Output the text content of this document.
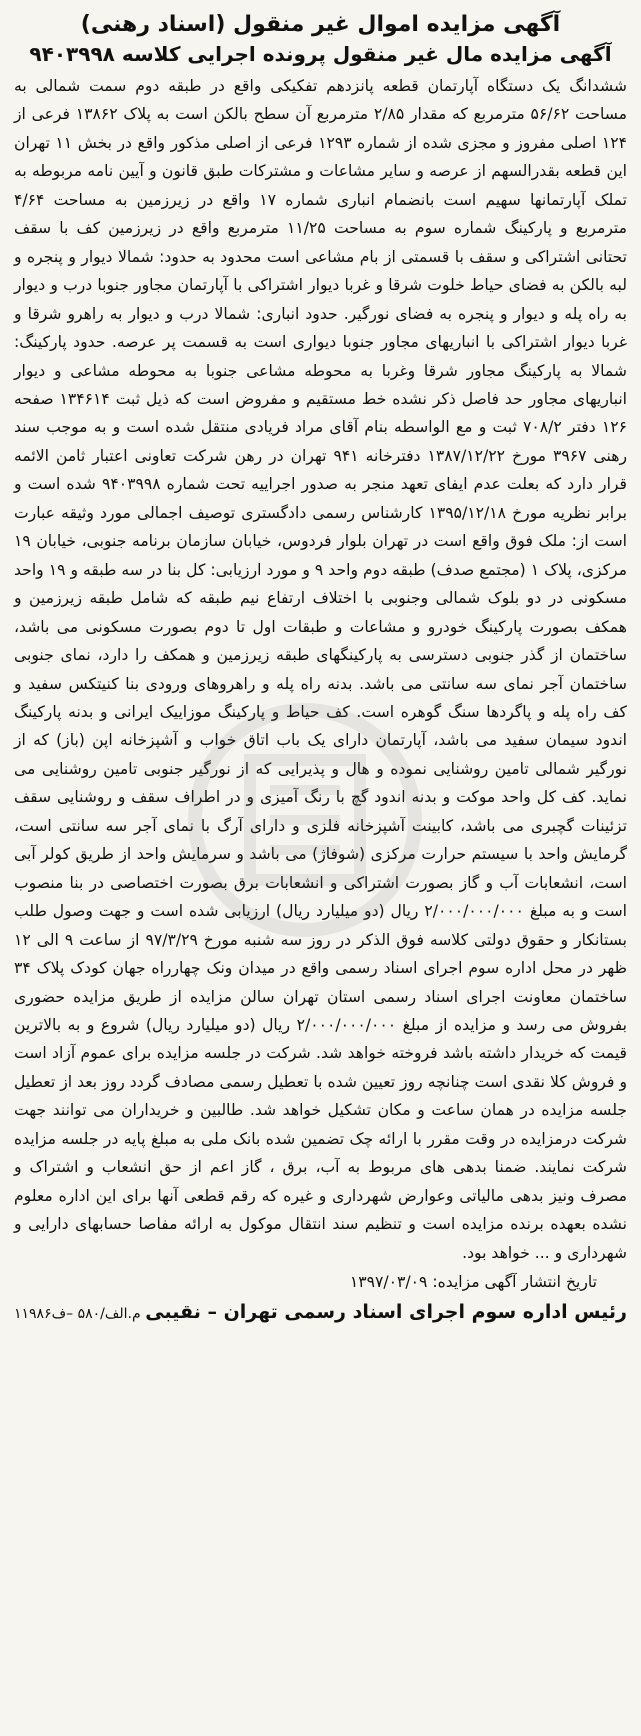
آگهی مزایده اموال غیر منقول (اسناد رهنی)
آگهی مزایده مال غیر منقول پرونده اجرایی کلاسه ۹۴۰۳۹۹۸

ششدانگ یک دستگاه آپارتمان قطعه پانزدهم تفکیکی واقع در طبقه دوم سمت شمالی به مساحت ۵۶/۶۲ مترمربع که مقدار ۲/۸۵ مترمربع آن سطح بالکن است به پلاک ۱۳۸۶۲ فرعی از ۱۲۴ اصلی مفروز و مجزی شده از شماره ۱۲۹۳ فرعی از اصلی مذکور واقع در بخش ۱۱ تهران این قطعه بقدرالسهم از عرصه و سایر مشاعات و مشترکات طبق قانون و آیین نامه مربوطه به تملک آپارتمانها سهیم است بانضمام انباری شماره ۱۷ واقع در زیرزمین به مساحت ۴/۶۴ مترمربع و پارکینگ شماره سوم به مساحت ۱۱/۲۵ مترمربع واقع در زیرزمین کف با سقف تحتانی اشتراکی و سقف با قسمتی از بام مشاعی است محدود به حدود: شمالا دیوار و پنجره و لبه بالکن به فضای حیاط خلوت شرقا و غربا دیوار اشتراکی با آپارتمان مجاور جنوبا درب و دیوار به راه پله و دیوار و پنجره به فضای نورگیر. حدود انباری: شمالا درب و دیوار به راهرو شرقا و غربا دیوار اشتراکی با انباریهای مجاور جنوبا دیواری است به قسمت پر عرصه. حدود پارکینگ: شمالا به پارکینگ مجاور شرقا وغربا به محوطه مشاعی جنوبا به محوطه مشاعی و دیوار انباریهای مجاور حد فاصل ذکر نشده خط مستقیم و مفروض است که ذیل ثبت ۱۳۴۶۱۴ صفحه ۱۲۶ دفتر ۷۰۸/۲ ثبت و مع الواسطه بنام آقای مراد فریادی منتقل شده است و به موجب سند رهنی ۳۹۶۷ مورخ ۱۳۸۷/۱۲/۲۲ دفترخانه ۹۴۱ تهران در رهن شرکت تعاونی اعتبار ثامن الائمه قرار دارد که بعلت عدم ایفای تعهد منجر به صدور اجراییه تحت شماره ۹۴۰۳۹۹۸ شده است و برابر نظریه مورخ ۱۳۹۵/۱۲/۱۸ کارشناس رسمی دادگستری توصیف اجمالی مورد وثیقه عبارت است از: ملک فوق واقع است در تهران بلوار فردوس، خیابان سازمان برنامه جنوبی، خیابان ۱۹ مرکزی، پلاک ۱ (مجتمع صدف) طبقه دوم واحد ۹ و مورد ارزیابی: کل بنا در سه طبقه و ۱۹ واحد مسکونی در دو بلوک شمالی وجنوبی با اختلاف ارتفاع نیم طبقه که شامل طبقه زیرزمین و همکف بصورت پارکینگ خودرو و مشاعات و طبقات اول تا دوم بصورت مسکونی می باشد، ساختمان از گذر جنوبی دسترسی به پارکینگهای طبقه زیرزمین و همکف را دارد، نمای جنوبی ساختمان آجر نمای سه سانتی می باشد. بدنه راه پله و راهروهای ورودی بنا کنیتکس سفید و کف راه پله و پاگردها سنگ گوهره است. کف حیاط و پارکینگ موزاییک ایرانی و بدنه پارکینگ اندود سیمان سفید می باشد، آپارتمان دارای یک باب اتاق خواب و آشپزخانه اپن (باز) که از نورگیر شمالی تامین روشنایی نموده و هال و پذیرایی که از نورگیر جنوبی تامین روشنایی می نماید. کف کل واحد موکت و بدنه اندود گچ با رنگ آمیزی و در اطراف سقف و روشنایی سقف تزئینات گچبری می باشد، کابینت آشپزخانه فلزی و دارای آرگ با نمای آجر سه سانتی است، گرمایش واحد با سیستم حرارت مرکزی (شوفاژ) می باشد و سرمایش واحد از طریق کولر آبی است، انشعابات آب و گاز بصورت اشتراکی و انشعابات برق بصورت اختصاصی در بنا منصوب است و به مبلغ ۲/۰۰۰/۰۰۰/۰۰۰ ریال (دو میلیارد ریال) ارزیابی شده است و جهت وصول طلب بستانکار و حقوق دولتی کلاسه فوق الذکر در روز سه شنبه مورخ ۹۷/۳/۲۹ از ساعت ۹ الی ۱۲ ظهر در محل اداره سوم اجرای اسناد رسمی واقع در میدان ونک چهارراه جهان کودک پلاک ۳۴ ساختمان معاونت اجرای اسناد رسمی استان تهران سالن مزایده از طریق مزایده حضوری بفروش می رسد و مزایده از مبلغ ۲/۰۰۰/۰۰۰/۰۰۰ ریال (دو میلیارد ریال) شروع و به بالاترین قیمت که خریدار داشته باشد فروخته خواهد شد. شرکت در جلسه مزایده برای عموم آزاد است و فروش کلا نقدی است چنانچه روز تعیین شده با تعطیل رسمی مصادف گردد روز بعد از تعطیل جلسه مزایده در همان ساعت و مکان تشکیل خواهد شد. طالبین و خریداران می توانند جهت شرکت درمزایده در وقت مقرر با ارائه چک تضمین شده بانک ملی به مبلغ پایه در جلسه مزایده شرکت نمایند. ضمنا بدهی های مربوط به آب، برق ، گاز اعم از حق انشعاب و اشتراک و مصرف ونیز بدهی مالیاتی وعوارض شهرداری و غیره که رقم قطعی آنها برای این اداره معلوم نشده بعهده برنده مزایده است و تنظیم سند انتقال موکول به ارائه مفاصا حسابهای دارایی و شهرداری و ... خواهد بود.

تاریخ انتشار آگهی مزایده: ۱۳۹۷/۰۳/۰۹
رئیس اداره سوم اجرای اسناد رسمی تهران – نقیبی
۱۱۹۸۶م.الف/۵۸۰ –ف
